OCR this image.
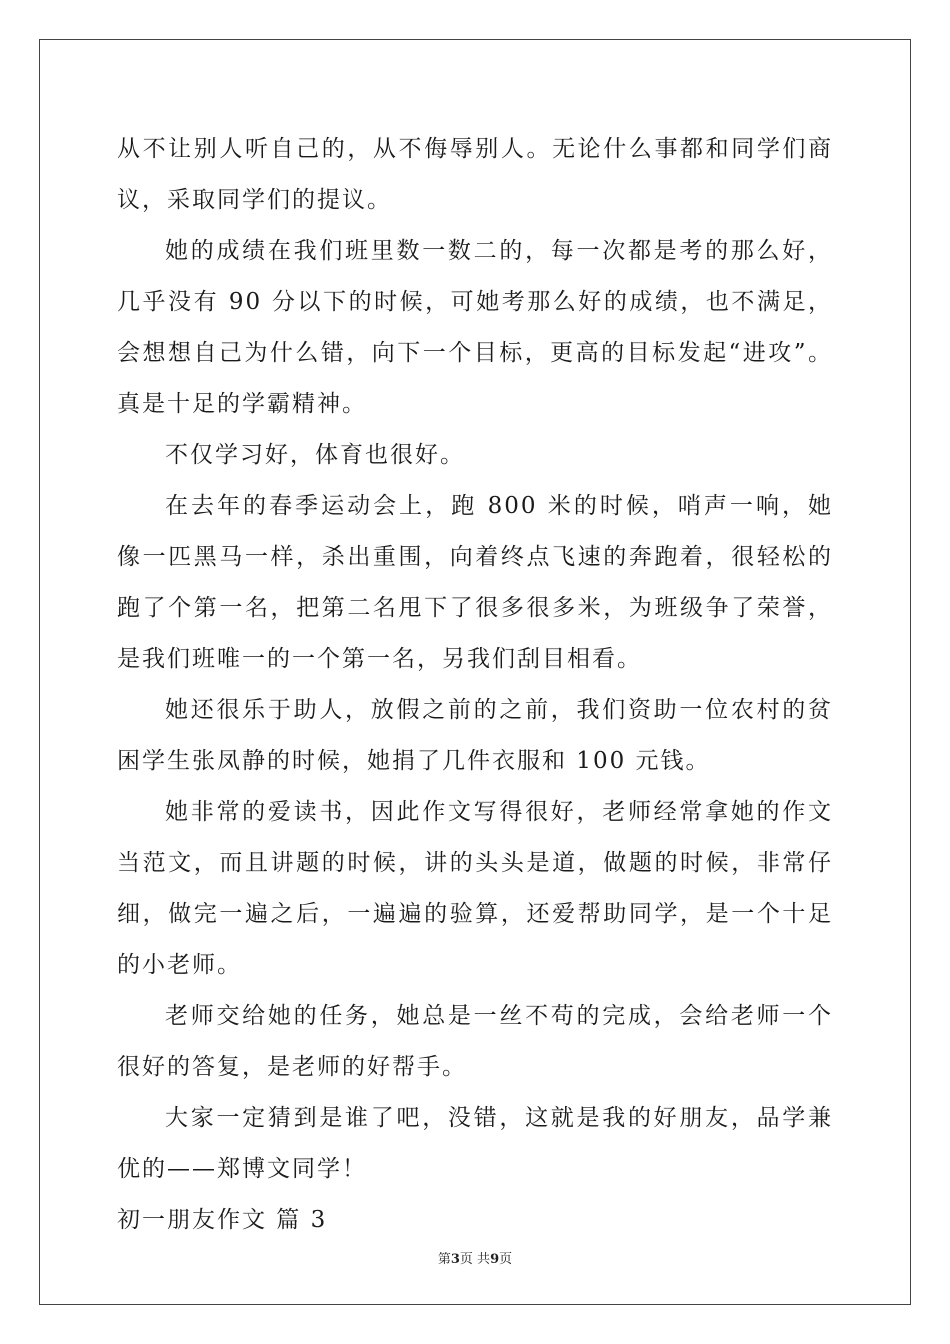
从不让别人听自己的，从不侮辱别人。无论什么事都和同学们商议，采取同学们的提议。

她的成绩在我们班里数一数二的，每一次都是考的那么好，几乎没有 90 分以下的时候，可她考那么好的成绩，也不满足，会想想自己为什么错，向下一个目标，更高的目标发起“进攻”。真是十足的学霸精神。

不仅学习好，体育也很好。

在去年的春季运动会上，跑 800 米的时候，哨声一响，她像一匹黑马一样，杀出重围，向着终点飞速的奔跑着，很轻松的跑了个第一名，把第二名甩下了很多很多米，为班级争了荣誉，是我们班唯一的一个第一名，另我们刮目相看。

她还很乐于助人，放假之前的之前，我们资助一位农村的贫困学生张凤静的时候，她捐了几件衣服和 100 元钱。

她非常的爱读书，因此作文写得很好，老师经常拿她的作文当范文，而且讲题的时候，讲的头头是道，做题的时候，非常仔细，做完一遍之后，一遍遍的验算，还爱帮助同学，是一个十足的小老师。

老师交给她的任务，她总是一丝不苟的完成，会给老师一个很好的答复，是老师的好帮手。

大家一定猜到是谁了吧，没错，这就是我的好朋友，品学兼优的——郑博文同学！

初一朋友作文 篇 3

第3页 共9页
